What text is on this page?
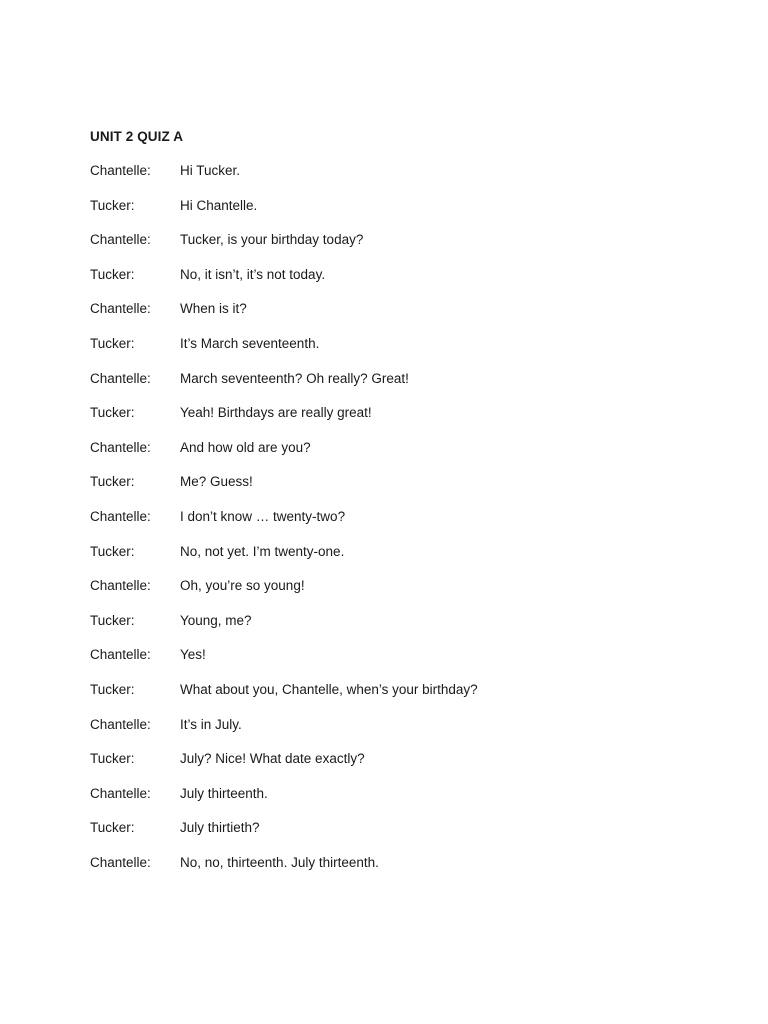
UNIT 2 QUIZ A
Chantelle:	Hi Tucker.
Tucker:	Hi Chantelle.
Chantelle:	Tucker, is your birthday today?
Tucker:	No, it isn’t, it’s not today.
Chantelle:	When is it?
Tucker:	It’s March seventeenth.
Chantelle:	March seventeenth? Oh really? Great!
Tucker:	Yeah! Birthdays are really great!
Chantelle:	And how old are you?
Tucker:	Me? Guess!
Chantelle:	I don’t know … twenty-two?
Tucker:	No, not yet. I’m twenty-one.
Chantelle:	Oh, you’re so young!
Tucker:	Young, me?
Chantelle:	Yes!
Tucker:	What about you, Chantelle, when’s your birthday?
Chantelle:	It’s in July.
Tucker:	July? Nice! What date exactly?
Chantelle:	July thirteenth.
Tucker:	July thirtieth?
Chantelle:	No, no, thirteenth. July thirteenth.
